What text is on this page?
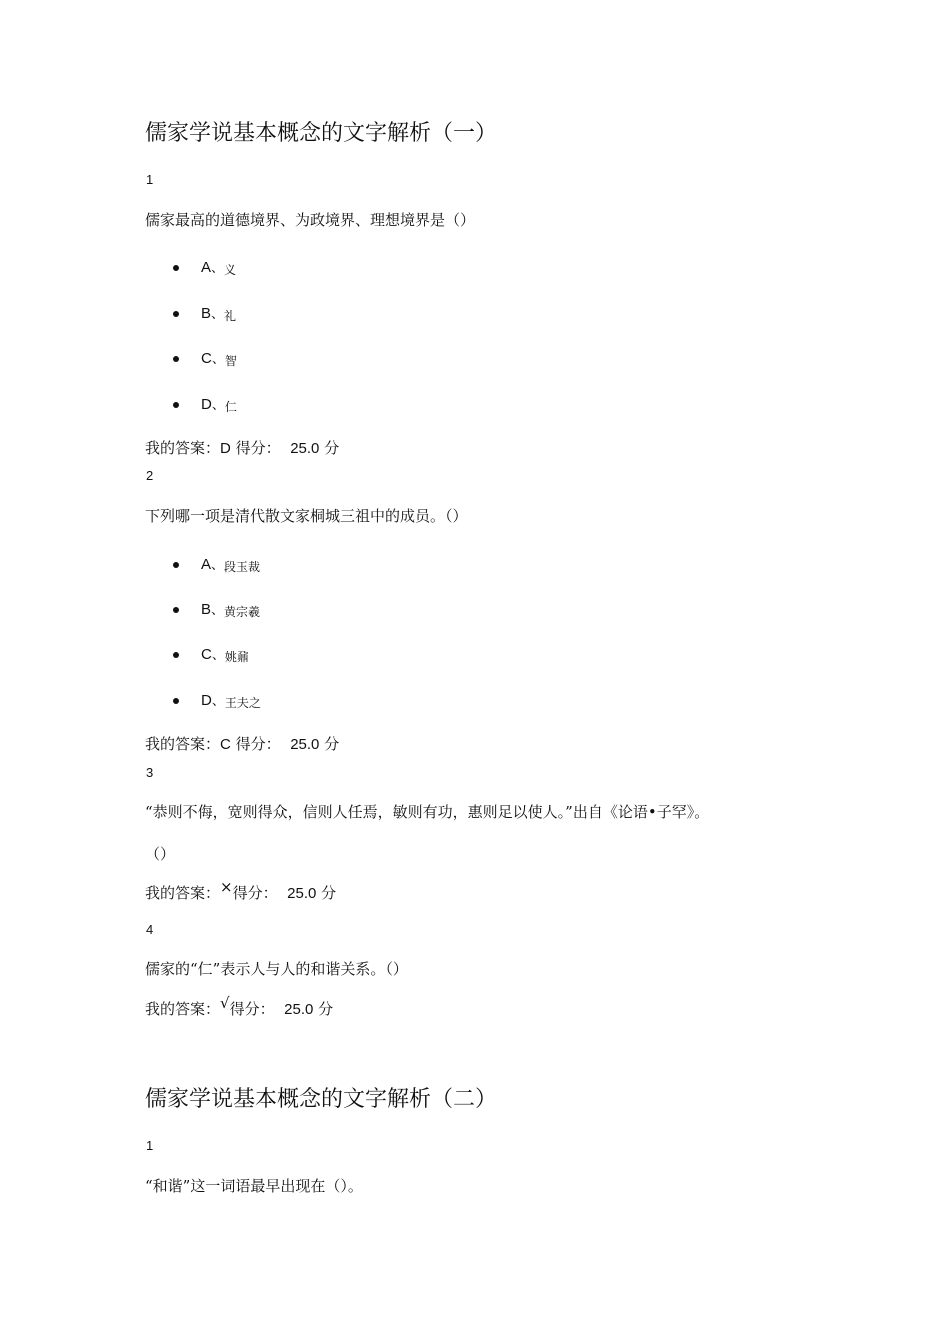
儒家学说基本概念的文字解析（一）
1
儒家最高的道德境界、为政境界、理想境界是（）
A、义
B、礼
C、智
D、仁
我的答案：D 得分： 25.0 分
2
下列哪一项是清代散文家桐城三祖中的成员。（）
A、段玉裁
B、黄宗羲
C、姚鼐
D、王夫之
我的答案：C 得分： 25.0 分
3
“恭则不侮，宽则得众，信则人任焉，敏则有功，惠则足以使人。”出自《论语•子罕》。
（）
我的答案：×得分： 25.0 分
4
儒家的“仁”表示人与人的和谐关系。（）
我的答案：√得分： 25.0 分
儒家学说基本概念的文字解析（二）
1
“和谐”这一词语最早出现在（）。
